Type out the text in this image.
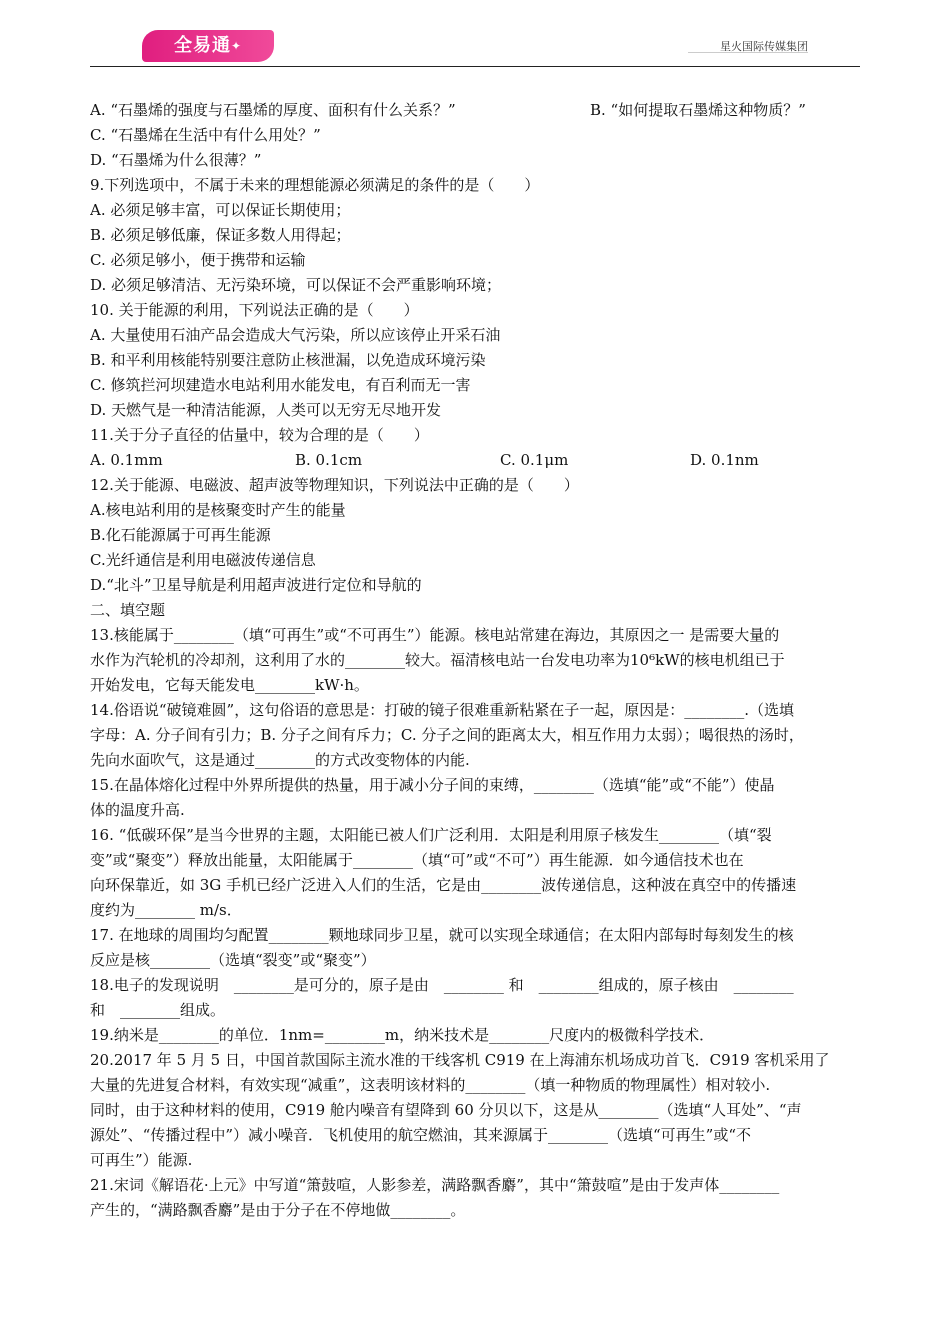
全易通✦	星火国际传媒集团
A. “石墨烯的强度与石墨烯的厚度、面积有什么关系？”	B. “如何提取石墨烯这种物质？”
C. “石墨烯在生活中有什么用处？”
D. “石墨烯为什么很薄？”
9.下列选项中，不属于未来的理想能源必须满足的条件的是（　　）
A. 必须足够丰富，可以保证长期使用；
B. 必须足够低廉，保证多数人用得起；
C. 必须足够小，便于携带和运输
D. 必须足够清洁、无污染环境，可以保证不会严重影响环境；
10. 关于能源的利用，下列说法正确的是（　　）
A. 大量使用石油产品会造成大气污染，所以应该停止开采石油
B. 和平利用核能特别要注意防止核泄漏，以免造成环境污染
C. 修筑拦河坝建造水电站利用水能发电，有百利而无一害
D. 天燃气是一种清洁能源，人类可以无穷无尽地开发
11.关于分子直径的估量中，较为合理的是（　　）
A. 0.1mm	B. 0.1cm	C. 0.1μm	D. 0.1nm
12.关于能源、电磁波、超声波等物理知识，下列说法中正确的是（　　）
A.核电站利用的是核聚变时产生的能量
B.化石能源属于可再生能源
C.光纤通信是利用电磁波传递信息
D.“北斗”卫星导航是利用超声波进行定位和导航的
二、填空题
13.核能属于________（填“可再生”或“不可再生”）能源。核电站常建在海边，其原因之一 是需要大量的
水作为汽轮机的冷却剂，这利用了水的________较大。福清核电站一台发电功率为10⁶kW的核电机组已于
开始发电，它每天能发电________kW·h。
14.俗语说“破镜难圆”，这句俗语的意思是：打破的镜子很难重新粘紧在子一起，原因是：________.（选填
字母：A. 分子间有引力；B. 分子之间有斥力；C. 分子之间的距离太大，相互作用力太弱）；喝很热的汤时，
先向水面吹气，这是通过________的方式改变物体的内能.
15.在晶体熔化过程中外界所提供的热量，用于减小分子间的束缚，________（选填“能”或“不能”）使晶
体的温度升高.
16. “低碳环保”是当今世界的主题，太阳能已被人们广泛利用．太阳是利用原子核发生________（填“裂
变”或“聚变”）释放出能量，太阳能属于________（填“可”或“不可”）再生能源．如今通信技术也在
向环保靠近，如 3G 手机已经广泛进入人们的生活，它是由________波传递信息，这种波在真空中的传播速
度约为________ m/s．
17. 在地球的周围均匀配置________颗地球同步卫星，就可以实现全球通信；在太阳内部每时每刻发生的核
反应是核________（选填“裂变”或“聚变”）
18.电子的发现说明　________是可分的，原子是由　________ 和　________组成的，原子核由　________
和　________组成。
19.纳米是________的单位．1nm=________m，纳米技术是________尺度内的极微科学技术．
20.2017 年 5 月 5 日，中国首款国际主流水准的干线客机 C919 在上海浦东机场成功首飞．C919 客机采用了
大量的先进复合材料，有效实现“减重”，这表明该材料的________（填一种物质的物理属性）相对较小.
同时，由于这种材料的使用，C919 舱内噪音有望降到 60 分贝以下，这是从________（选填“人耳处”、“声
源处”、“传播过程中”）减小噪音．飞机使用的航空燃油，其来源属于________（选填“可再生”或“不
可再生”）能源.
21.宋词《解语花·上元》中写道“箫鼓喧，人影参差，满路飘香麝”，其中“箫鼓喧”是由于发声体________
产生的，“满路飘香麝”是由于分子在不停地做________。
